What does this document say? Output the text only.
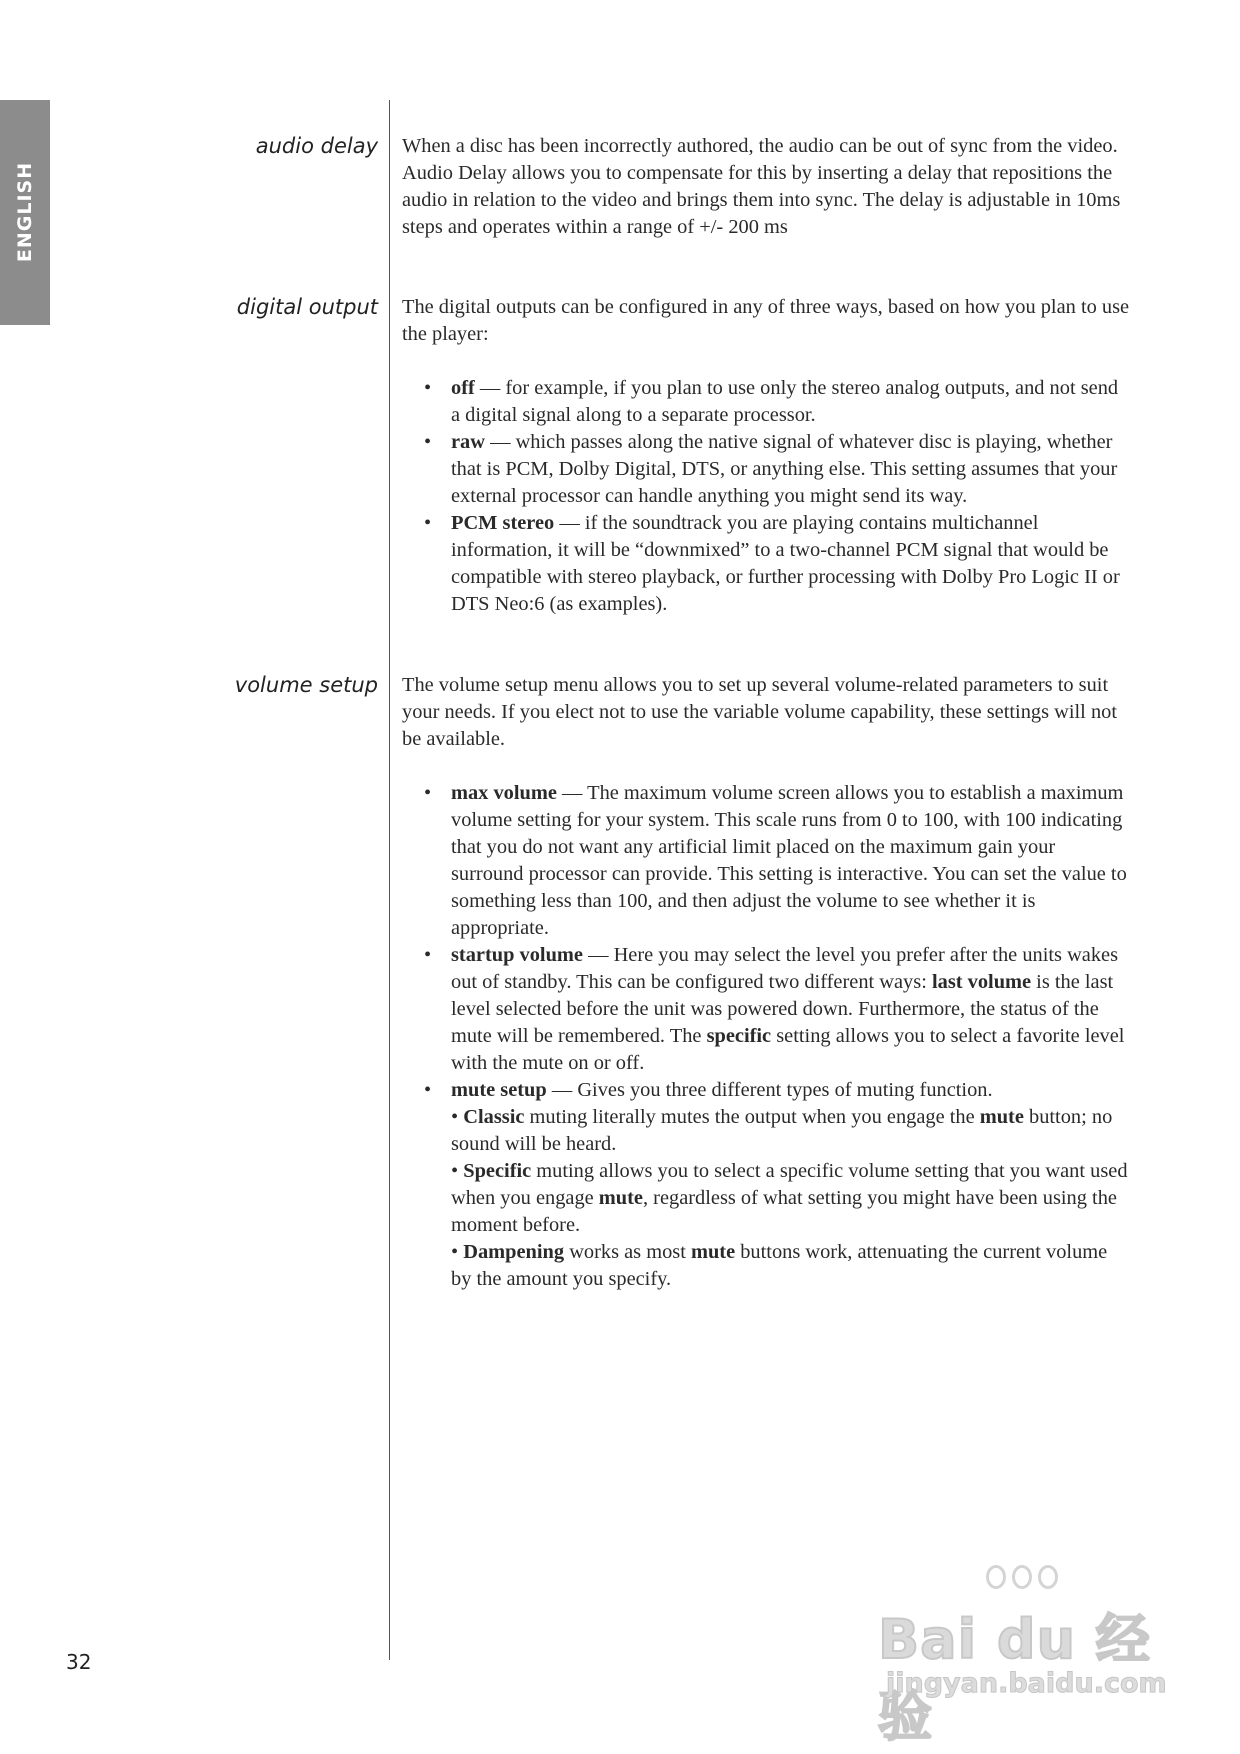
ENGLISH
audio delay When a disc has been incorrectly authored, the audio can be out of sync from the video. Audio Delay allows you to compensate for this by inserting a delay that repositions the audio in relation to the video and brings them into sync. The delay is adjustable in 10ms steps and operates within a range of +/- 200 ms

digital output The digital outputs can be configured in any of three ways, based on how you plan to use the player:

• off — for example, if you plan to use only the stereo analog outputs, and not send a digital signal along to a separate processor.
• raw — which passes along the native signal of whatever disc is playing, whether that is PCM, Dolby Digital, DTS, or anything else. This setting assumes that your external processor can handle anything you might send its way.
• PCM stereo — if the soundtrack you are playing contains multichannel information, it will be “downmixed” to a two-channel PCM signal that would be compatible with stereo playback, or further processing with Dolby Pro Logic II or DTS Neo:6 (as examples).
volume setup The volume setup menu allows you to set up several volume-related parameters to suit your needs. If you elect not to use the variable volume capability, these settings will not be available.

• max volume — The maximum volume screen allows you to establish a maximum volume setting for your system. This scale runs from 0 to 100, with 100 indicating that you do not want any artificial limit placed on the maximum gain your surround processor can provide. This setting is interactive. You can set the value to something less than 100, and then adjust the volume to see whether it is appropriate.
• startup volume — Here you may select the level you prefer after the units wakes out of standby. This can be configured two different ways: last volume is the last level selected before the unit was powered down. Furthermore, the status of the mute will be remembered. The specific setting allows you to select a favorite level with the mute on or off.
• mute setup — Gives you three different types of muting function.
• Classic muting literally mutes the output when you engage the mute button; no sound will be heard.
• Specific muting allows you to select a specific volume setting that you want used when you engage mute, regardless of what setting you might have been using the moment before.
• Dampening works as most mute buttons work, attenuating the current volume by the amount you specify.
32	Bai du 经验
jingyan.baidu.com
